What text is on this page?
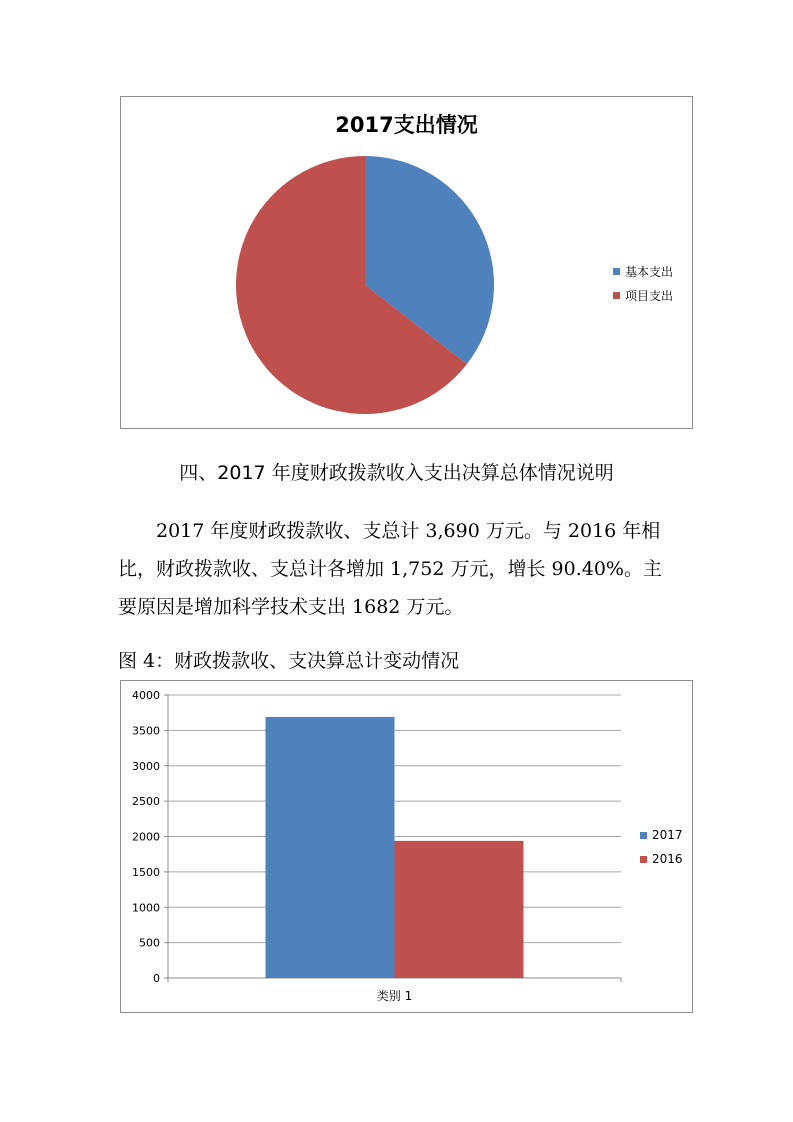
2017支出情况
基本支出
项目支出
四、2017 年度财政拨款收入支出决算总体情况说明

2017 年度财政拨款收、支总计 3,690 万元。与 2016 年相比，财政拨款收、支总计各增加 1,752 万元，增长 90.40%。主要原因是增加科学技术支出 1682 万元。

图 4：财政拨款收、支决算总计变动情况
0
500
1000
1500
2000
2500
3000
3500
4000
类别 1
2017
2016
